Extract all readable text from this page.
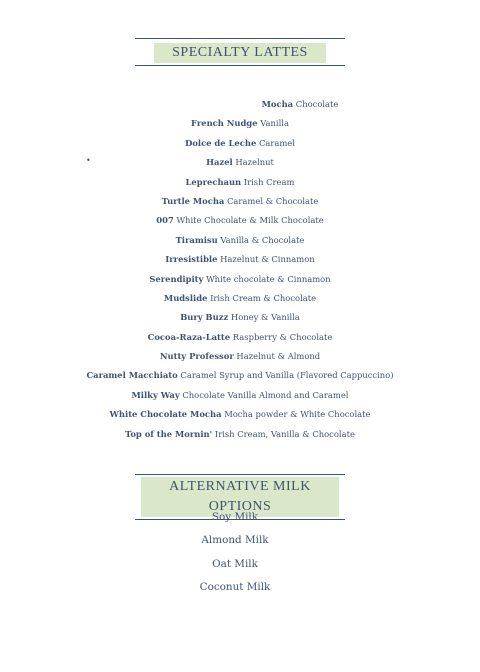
SPECIALTY LATTES
•
Mocha Chocolate
French Nudge Vanilla
Dolce de Leche Caramel
Hazel Hazelnut
Leprechaun Irish Cream
Turtle Mocha Caramel & Chocolate
007 White Chocolate & Milk Chocolate
Tiramisu Vanilla & Chocolate
Irresistible Hazelnut & Cinnamon
Serendipity White chocolate & Cinnamon
Mudslide Irish Cream & Chocolate
Bury Buzz Honey & Vanilla
Cocoa-Raza-Latte Raspberry & Chocolate
Nutty Professor Hazelnut & Almond
Caramel Macchiato Caramel Syrup and Vanilla (Flavored Cappuccino)
Milky Way Chocolate Vanilla Almond and Caramel
White Chocolate Mocha Mocha powder & White Chocolate
Top of the Mornin' Irish Cream, Vanilla & Chocolate
ALTERNATIVE MILK OPTIONS
Soy Milk
Almond Milk
Oat Milk
Coconut Milk
